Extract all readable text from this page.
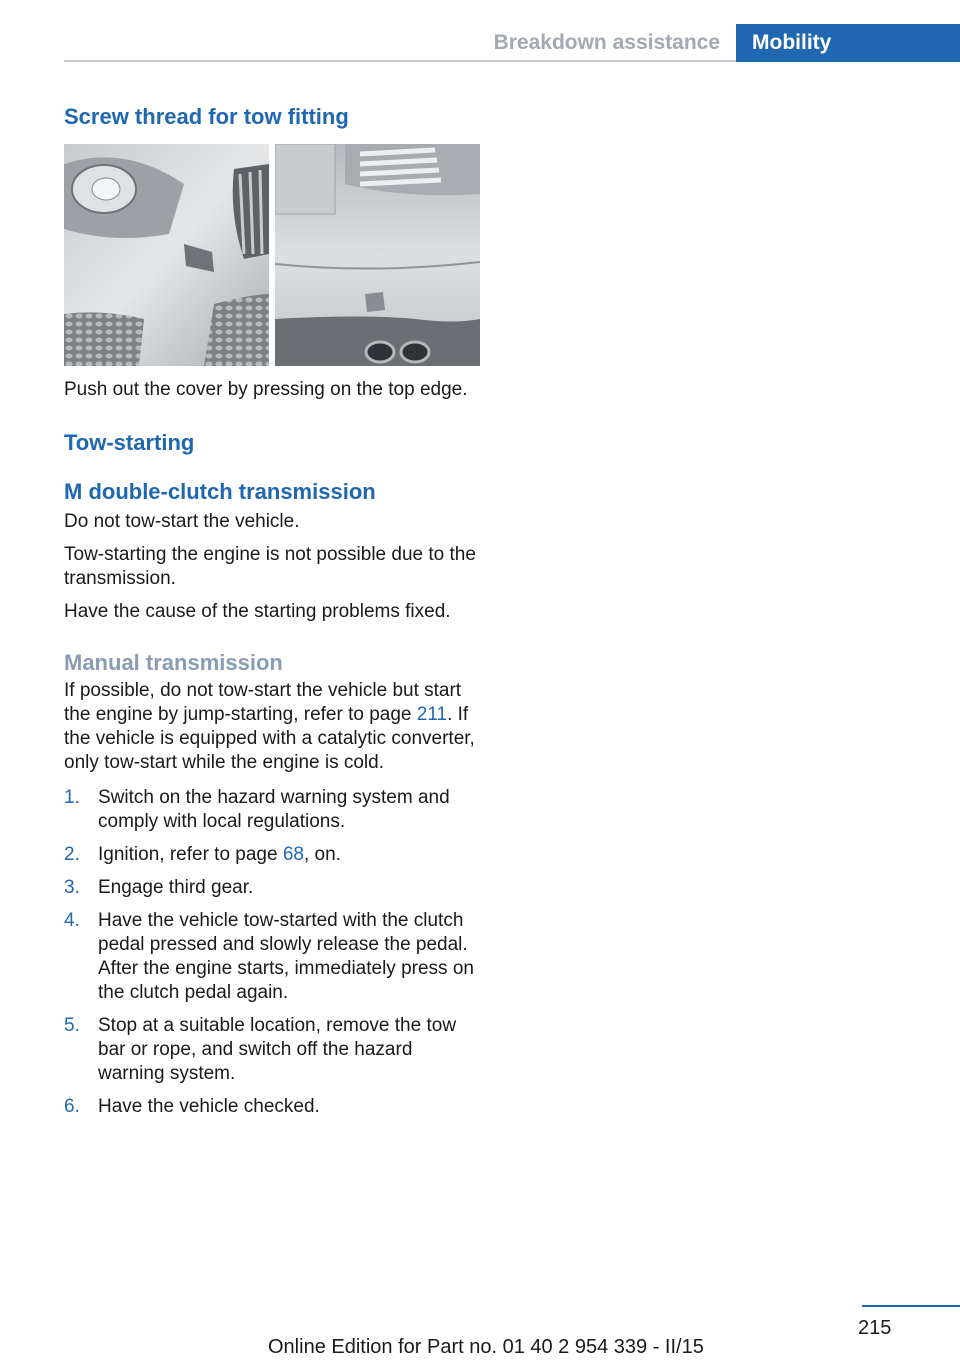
Breakdown assistance	Mobility
Screw thread for tow fitting

Push out the cover by pressing on the top edge.

Tow-starting
M double-clutch transmission

Do not tow-start the vehicle.

Tow-starting the engine is not possible due to the transmission.

Have the cause of the starting problems fixed.

Manual transmission

If possible, do not tow-start the vehicle but start the engine by jump-starting, refer to page 211. If the vehicle is equipped with a catalytic converter, only tow-start while the engine is cold.

1. Switch on the hazard warning system and comply with local regulations.
2. Ignition, refer to page 68, on.
3. Engage third gear.
4. Have the vehicle tow-started with the clutch pedal pressed and slowly release the pedal. After the engine starts, immediately press on the clutch pedal again.
5. Stop at a suitable location, remove the tow bar or rope, and switch off the hazard warning system.
6. Have the vehicle checked.
215
Online Edition for Part no. 01 40 2 954 339 - II/15
